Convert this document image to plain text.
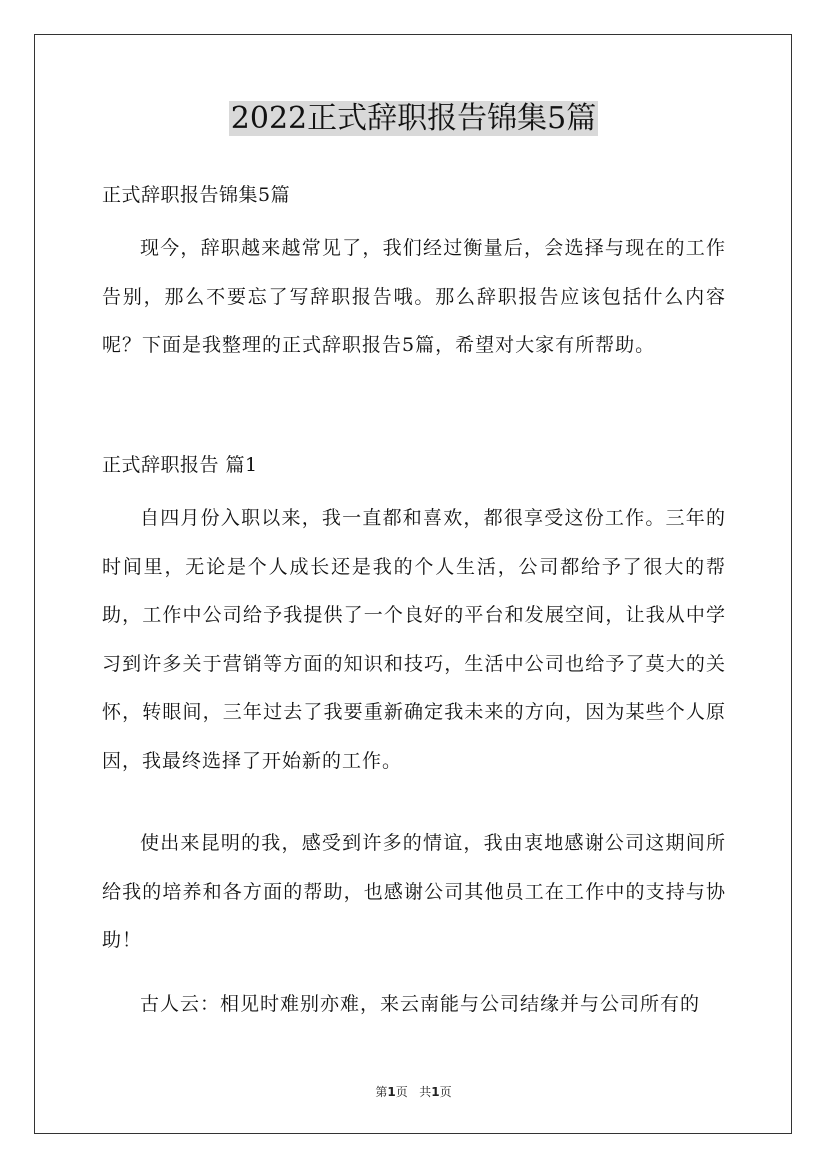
2022正式辞职报告锦集5篇

正式辞职报告锦集5篇

现今，辞职越来越常见了，我们经过衡量后，会选择与现在的工作告别，那么不要忘了写辞职报告哦。那么辞职报告应该包括什么内容呢？下面是我整理的正式辞职报告5篇，希望对大家有所帮助。

正式辞职报告 篇1

自四月份入职以来，我一直都和喜欢，都很享受这份工作。三年的时间里，无论是个人成长还是我的个人生活，公司都给予了很大的帮助，工作中公司给予我提供了一个良好的平台和发展空间，让我从中学习到许多关于营销等方面的知识和技巧，生活中公司也给予了莫大的关怀，转眼间，三年过去了我要重新确定我未来的方向，因为某些个人原因，我最终选择了开始新的工作。

使出来昆明的我，感受到许多的情谊，我由衷地感谢公司这期间所给我的培养和各方面的帮助，也感谢公司其他员工在工作中的支持与协助！

古人云：相见时难别亦难，来云南能与公司结缘并与公司所有的

第1页 共1页
